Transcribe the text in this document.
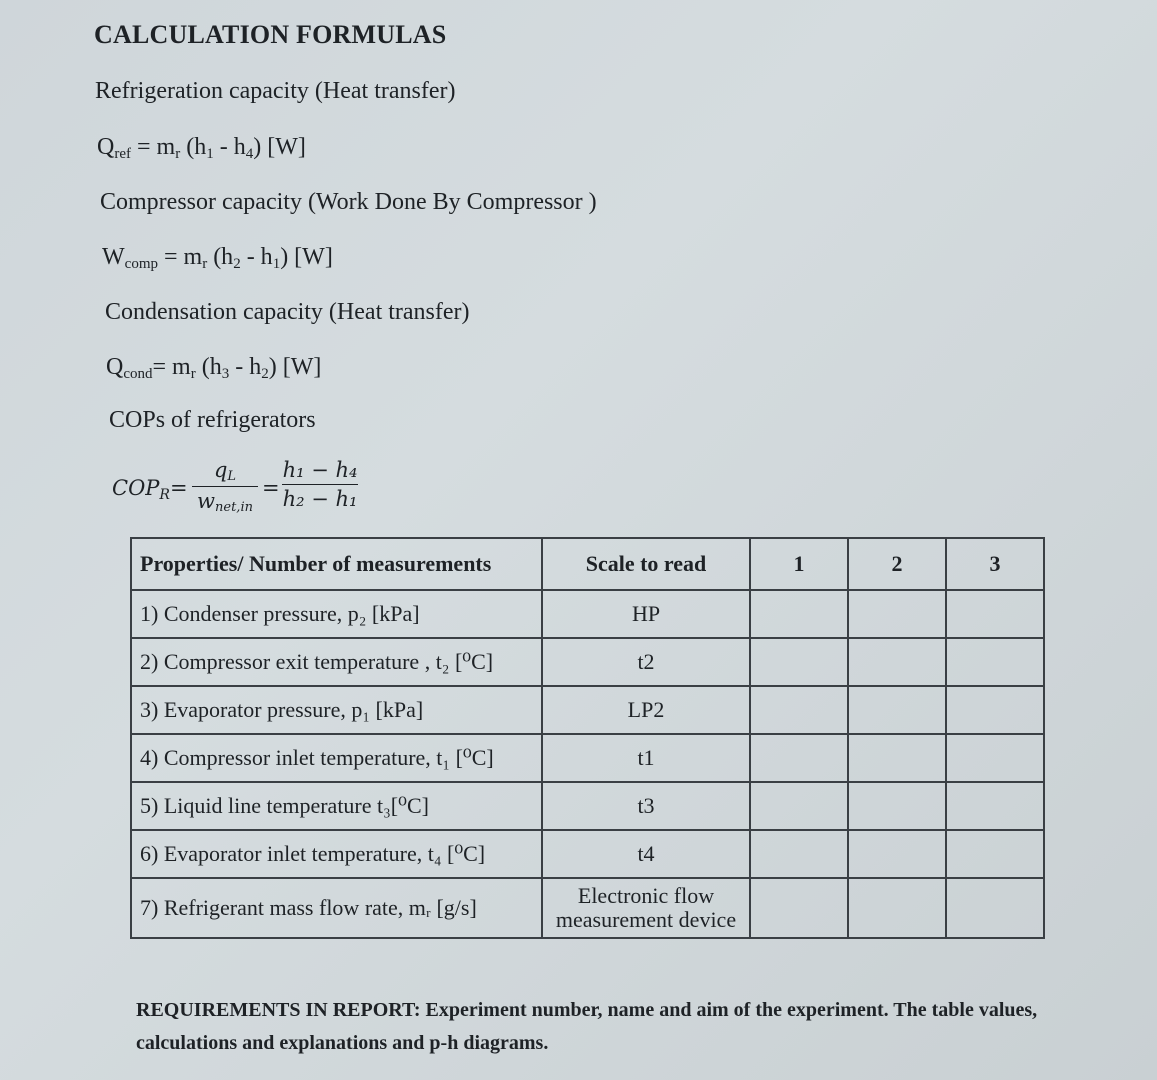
CALCULATION FORMULAS
Refrigeration capacity (Heat transfer)
Qref = mr (h1 - h4) [W]
Compressor capacity (Work Done By Compressor )
Wcomp = mr (h2 - h1) [W]
Condensation capacity (Heat transfer)
Qcond= mr (h3 - h2) [W]
COPs of refrigerators
COPR =
qL
wnet,in
=
h₁ − h₄
h₂ − h₁
Properties/ Number of measurements	Scale to read	1	2	3
1) Condenser pressure, p₂ [kPa]	HP			
2) Compressor exit temperature , t₂ [⁰C]	t2			
3) Evaporator pressure, p₁ [kPa]	LP2			
4) Compressor inlet temperature, t₁ [⁰C]	t1			
5) Liquid line temperature t₃[⁰C]	t3			
6) Evaporator inlet temperature, t₄ [⁰C]	t4			
7) Refrigerant mass flow rate, mᵣ [g/s]	Electronic flow measurement device			
REQUIREMENTS IN REPORT: Experiment number, name and aim of the experiment. The table values, calculations and explanations and p-h diagrams.
